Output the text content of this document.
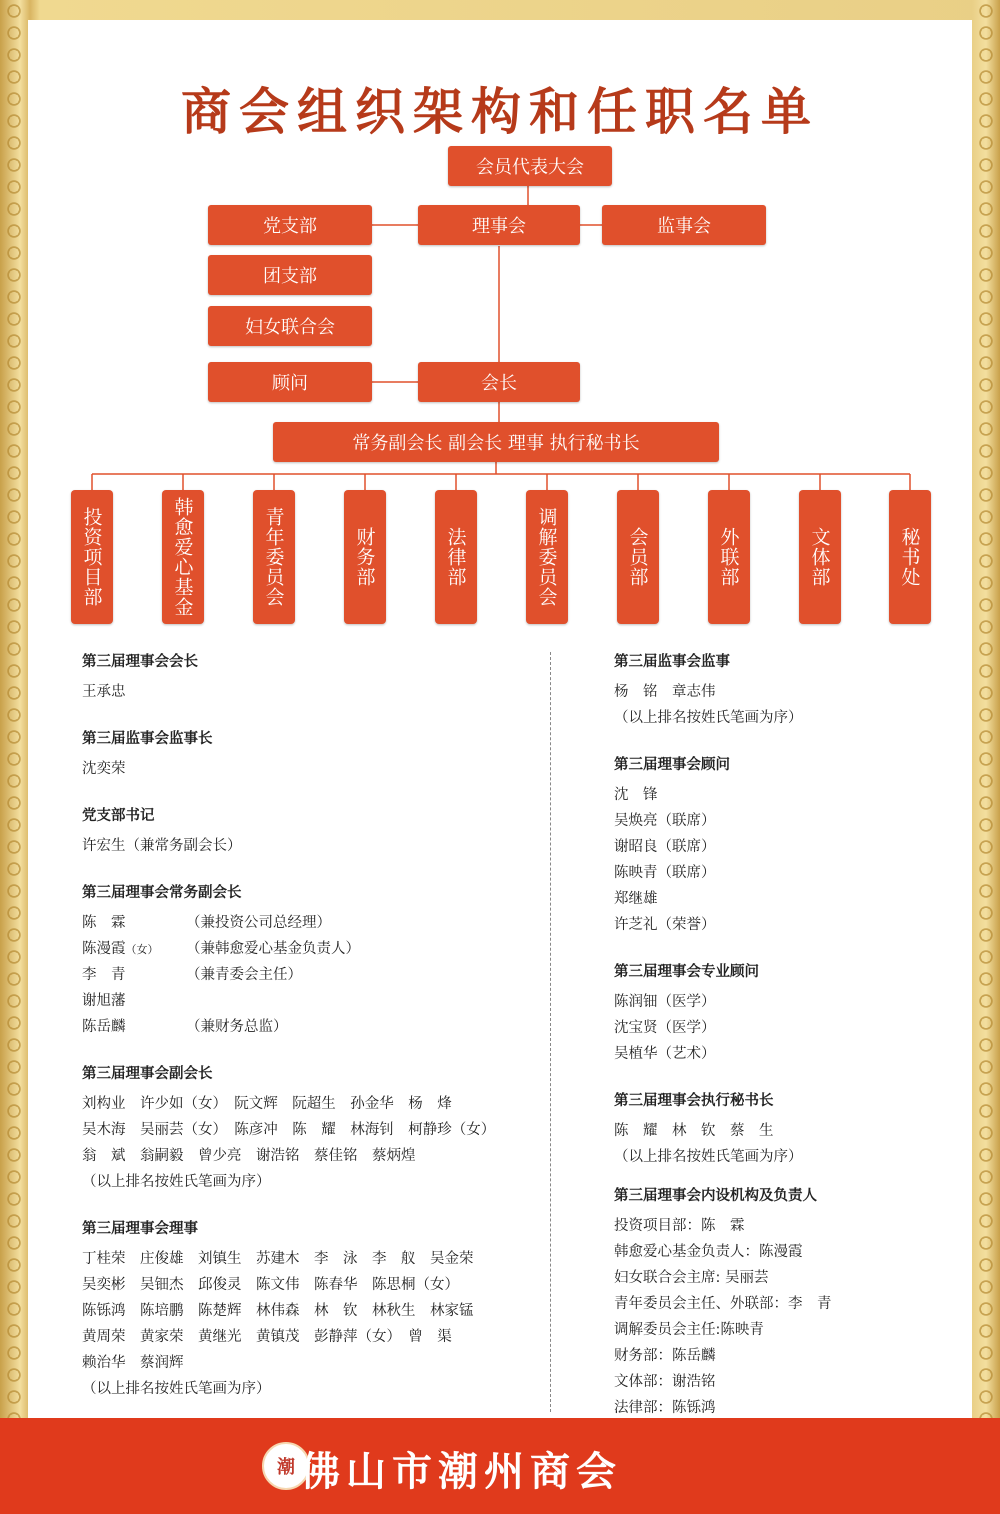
商会组织架构和任职名单
会员代表大会
党支部	理事会	监事会
团支部
妇女联合会
顾问	会长
常务副会长 副会长 理事 执行秘书长
投资项目部	韩愈爱心基金	青年委员会	财务部	法律部	调解委员会	会员部	外联部	文体部	秘书处
第三届理事会会长
王承忠
第三届监事会监事长
沈奕荣
党支部书记
许宏生（兼常务副会长）
第三届理事会常务副会长
陈　霖	（兼投资公司总经理）
陈漫霞（女） （兼韩愈爱心基金负责人）
李　青	（兼青委会主任）
谢旭藩
陈岳麟	（兼财务总监）
第三届理事会副会长
刘构业　许少如（女）　阮文辉　阮超生　孙金华　杨　烽
吴木海　吴丽芸（女）　陈彦冲　陈　耀　林海钊　柯静珍（女）
翁　斌　翁嗣毅　曾少亮　谢浩铭　蔡佳铭　蔡炳煌
（以上排名按姓氏笔画为序）
第三届理事会理事
丁桂荣　庄俊雄　刘镇生　苏建木　李　泳　李　舣　吴金荣
吴奕彬　吴钿杰　邱俊灵　陈文伟　陈春华　陈思桐（女）
陈铄鸿　陈培鹏　陈楚辉　林伟森　林　钦　林秋生　林家锰
黄周荣　黄家荣　黄继光　黄镇茂　彭静萍（女）　曾　渠
赖治华　蔡润辉
（以上排名按姓氏笔画为序）
第三届监事会监事
杨　铭　章志伟
（以上排名按姓氏笔画为序）
第三届理事会顾问
沈　锋
吴焕亮（联席）
谢昭良（联席）
陈映青（联席）
郑继雄
许芝礼（荣誉）
第三届理事会专业顾问
陈润钿（医学）
沈宝贤（医学）
吴植华（艺术）
第三届理事会执行秘书长
陈　耀　林　钦　蔡　生
（以上排名按姓氏笔画为序）
第三届理事会内设机构及负责人
投资项目部：陈　霖
韩愈爱心基金负责人：陈漫霞
妇女联合会主席: 吴丽芸
青年委员会主任、外联部：李　青
调解委员会主任:陈映青
财务部：陈岳麟
文体部：谢浩铭
法律部：陈铄鸿
潮 佛山市潮州商会
